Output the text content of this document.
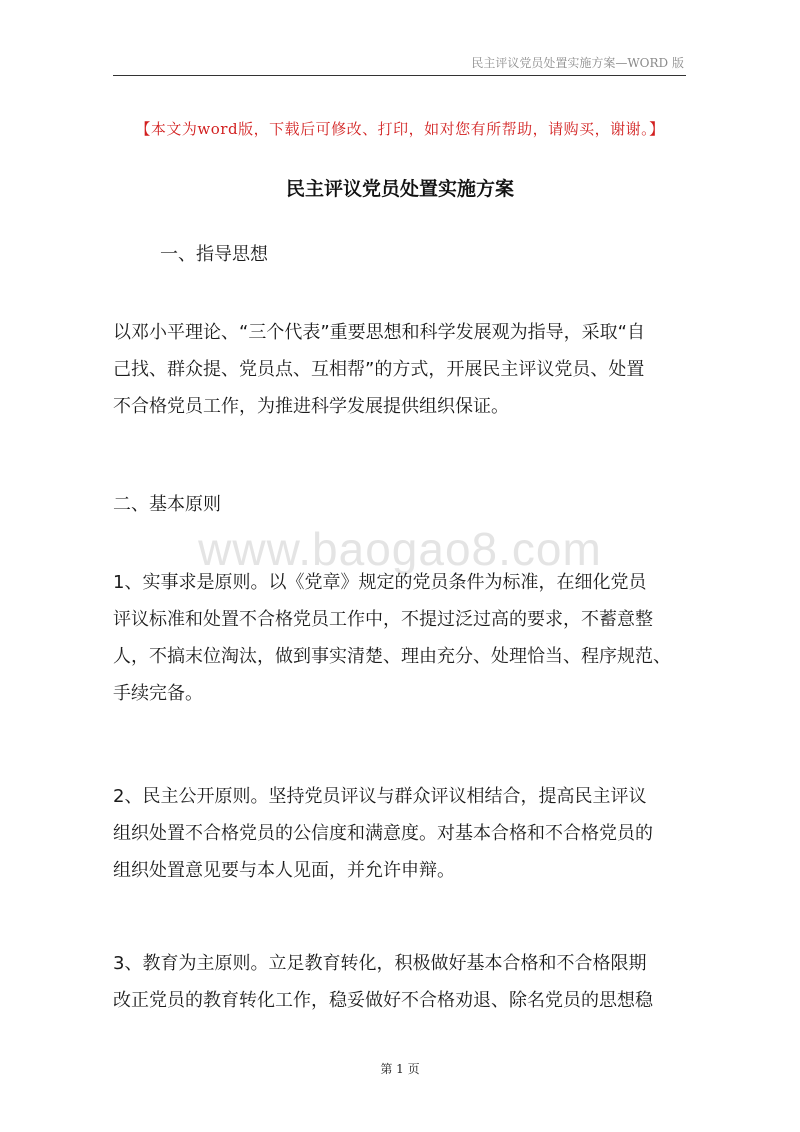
民主评议党员处置实施方案—WORD 版
【本文为word版，下载后可修改、打印，如对您有所帮助，请购买，谢谢。】
民主评议党员处置实施方案
一、指导思想
以邓小平理论、“三个代表”重要思想和科学发展观为指导，采取“自
己找、群众提、党员点、互相帮”的方式，开展民主评议党员、处置
不合格党员工作，为推进科学发展提供组织保证。
二、基本原则
www.baogao8.com
1、实事求是原则。以《党章》规定的党员条件为标准，在细化党员
评议标准和处置不合格党员工作中，不提过泛过高的要求，不蓄意整
人，不搞末位淘汰，做到事实清楚、理由充分、处理恰当、程序规范、
手续完备。
2、民主公开原则。坚持党员评议与群众评议相结合，提高民主评议
组织处置不合格党员的公信度和满意度。对基本合格和不合格党员的
组织处置意见要与本人见面，并允许申辩。
3、教育为主原则。立足教育转化，积极做好基本合格和不合格限期
改正党员的教育转化工作，稳妥做好不合格劝退、除名党员的思想稳
第 1 页
